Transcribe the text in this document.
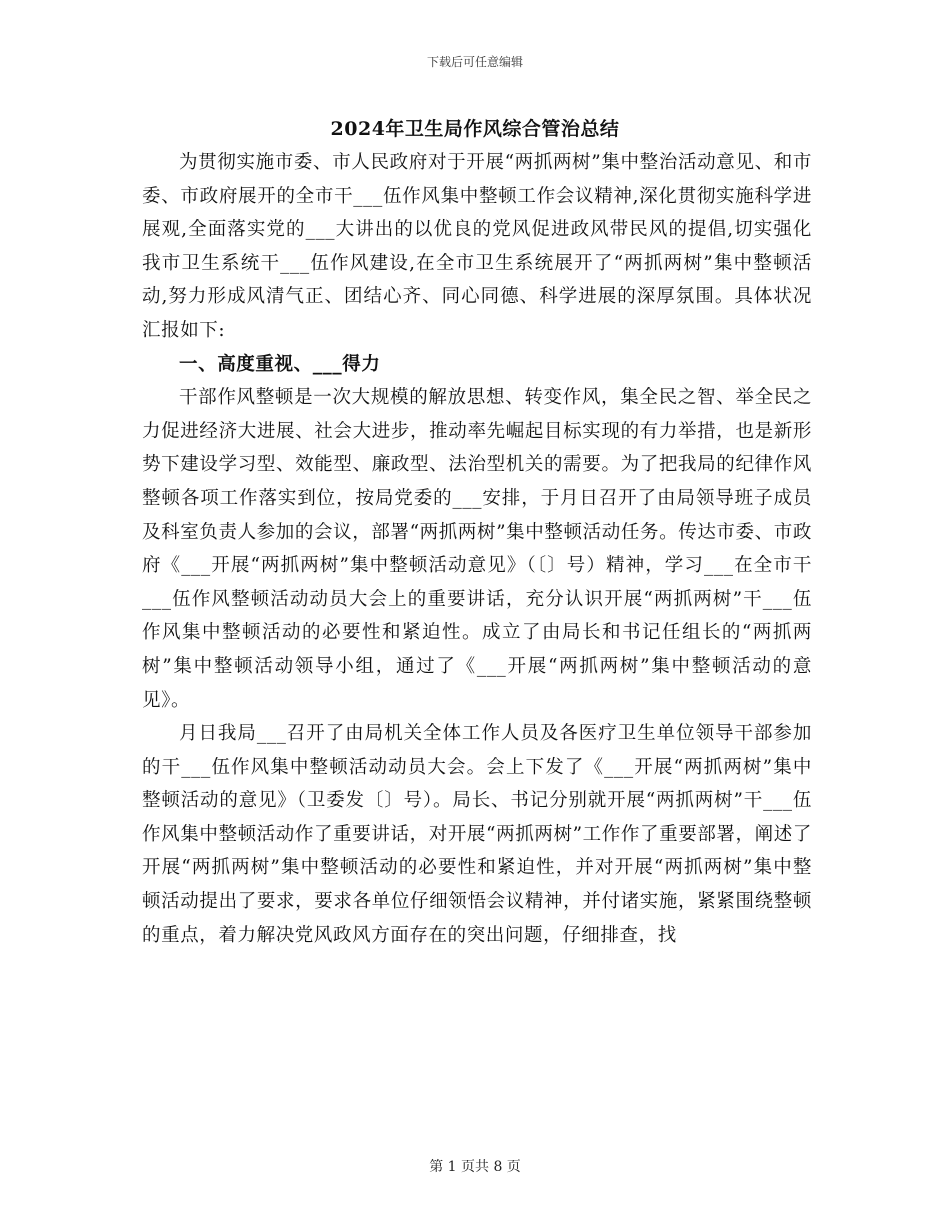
下载后可任意编辑
2024年卫生局作风综合管治总结

为贯彻实施市委、市人民政府对于开展“两抓两树”集中整治活动意见、和市委、市政府展开的全市干___伍作风集中整顿工作会议精神,深化贯彻实施科学进展观,全面落实党的___大讲出的以优良的党风促进政风带民风的提倡,切实强化我市卫生系统干___伍作风建设,在全市卫生系统展开了“两抓两树”集中整顿活动,努力形成风清气正、团结心齐、同心同德、科学进展的深厚氛围。具体状况汇报如下:

一、高度重视、___得力

干部作风整顿是一次大规模的解放思想、转变作风，集全民之智、举全民之力促进经济大进展、社会大进步，推动率先崛起目标实现的有力举措，也是新形势下建设学习型、效能型、廉政型、法治型机关的需要。为了把我局的纪律作风整顿各项工作落实到位，按局党委的___安排，于月日召开了由局领导班子成员及科室负责人参加的会议，部署“两抓两树”集中整顿活动任务。传达市委、市政府《___开展“两抓两树”集中整顿活动意见》（〔〕号）精神，学习___在全市干___伍作风整顿活动动员大会上的重要讲话，充分认识开展“两抓两树”干___伍作风集中整顿活动的必要性和紧迫性。成立了由局长和书记任组长的“两抓两树”集中整顿活动领导小组，通过了《___开展“两抓两树”集中整顿活动的意见》。

月日我局___召开了由局机关全体工作人员及各医疗卫生单位领导干部参加的干___伍作风集中整顿活动动员大会。会上下发了《___开展“两抓两树”集中整顿活动的意见》（卫委发〔〕号）。局长、书记分别就开展“两抓两树”干___伍作风集中整顿活动作了重要讲话，对开展“两抓两树”工作作了重要部署，阐述了开展“两抓两树”集中整顿活动的必要性和紧迫性，并对开展“两抓两树”集中整顿活动提出了要求，要求各单位仔细领悟会议精神，并付诸实施，紧紧围绕整顿的重点，着力解决党风政风方面存在的突出问题，仔细排查，找

第 1 页共 8 页
